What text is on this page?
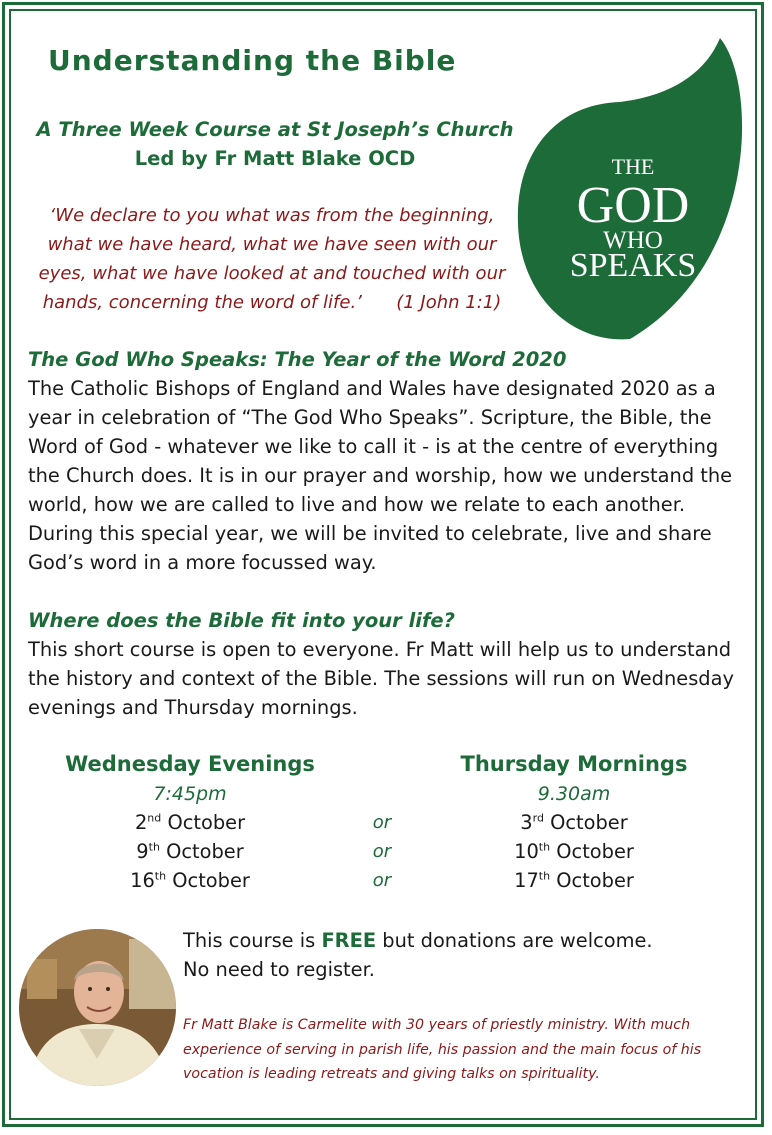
Understanding the Bible
A Three Week Course at St Joseph’s Church
Led by Fr Matt Blake OCD
‘We declare to you what was from the beginning,
what we have heard, what we have seen with our
eyes, what we have looked at and touched with our
hands, concerning the word of life.’      (1 John 1:1)
THE
GOD
WHO
SPEAKS
The God Who Speaks: The Year of the Word 2020

The Catholic Bishops of England and Wales have designated 2020 as a year in celebration of “The God Who Speaks”. Scripture, the Bible, the Word of God - whatever we like to call it - is at the centre of everything the Church does. It is in our prayer and worship, how we understand the world, how we are called to live and how we relate to each another. During this special year, we will be invited to celebrate, live and share God’s word in a more focussed way.

Where does the Bible fit into your life?

This short course is open to everyone. Fr Matt will help us to understand the history and context of the Bible. The sessions will run on Wednesday evenings and Thursday mornings.

Wednesday Evenings
7:45pm
Thursday Mornings
9.30am
2nd October	or	3rd October
9th October	or	10th October
16th October	or	17th October
This course is FREE but donations are welcome.
No need to register.
Fr Matt Blake is Carmelite with 30 years of priestly ministry. With much experience of serving in parish life, his passion and the main focus of his vocation is leading retreats and giving talks on spirituality.
